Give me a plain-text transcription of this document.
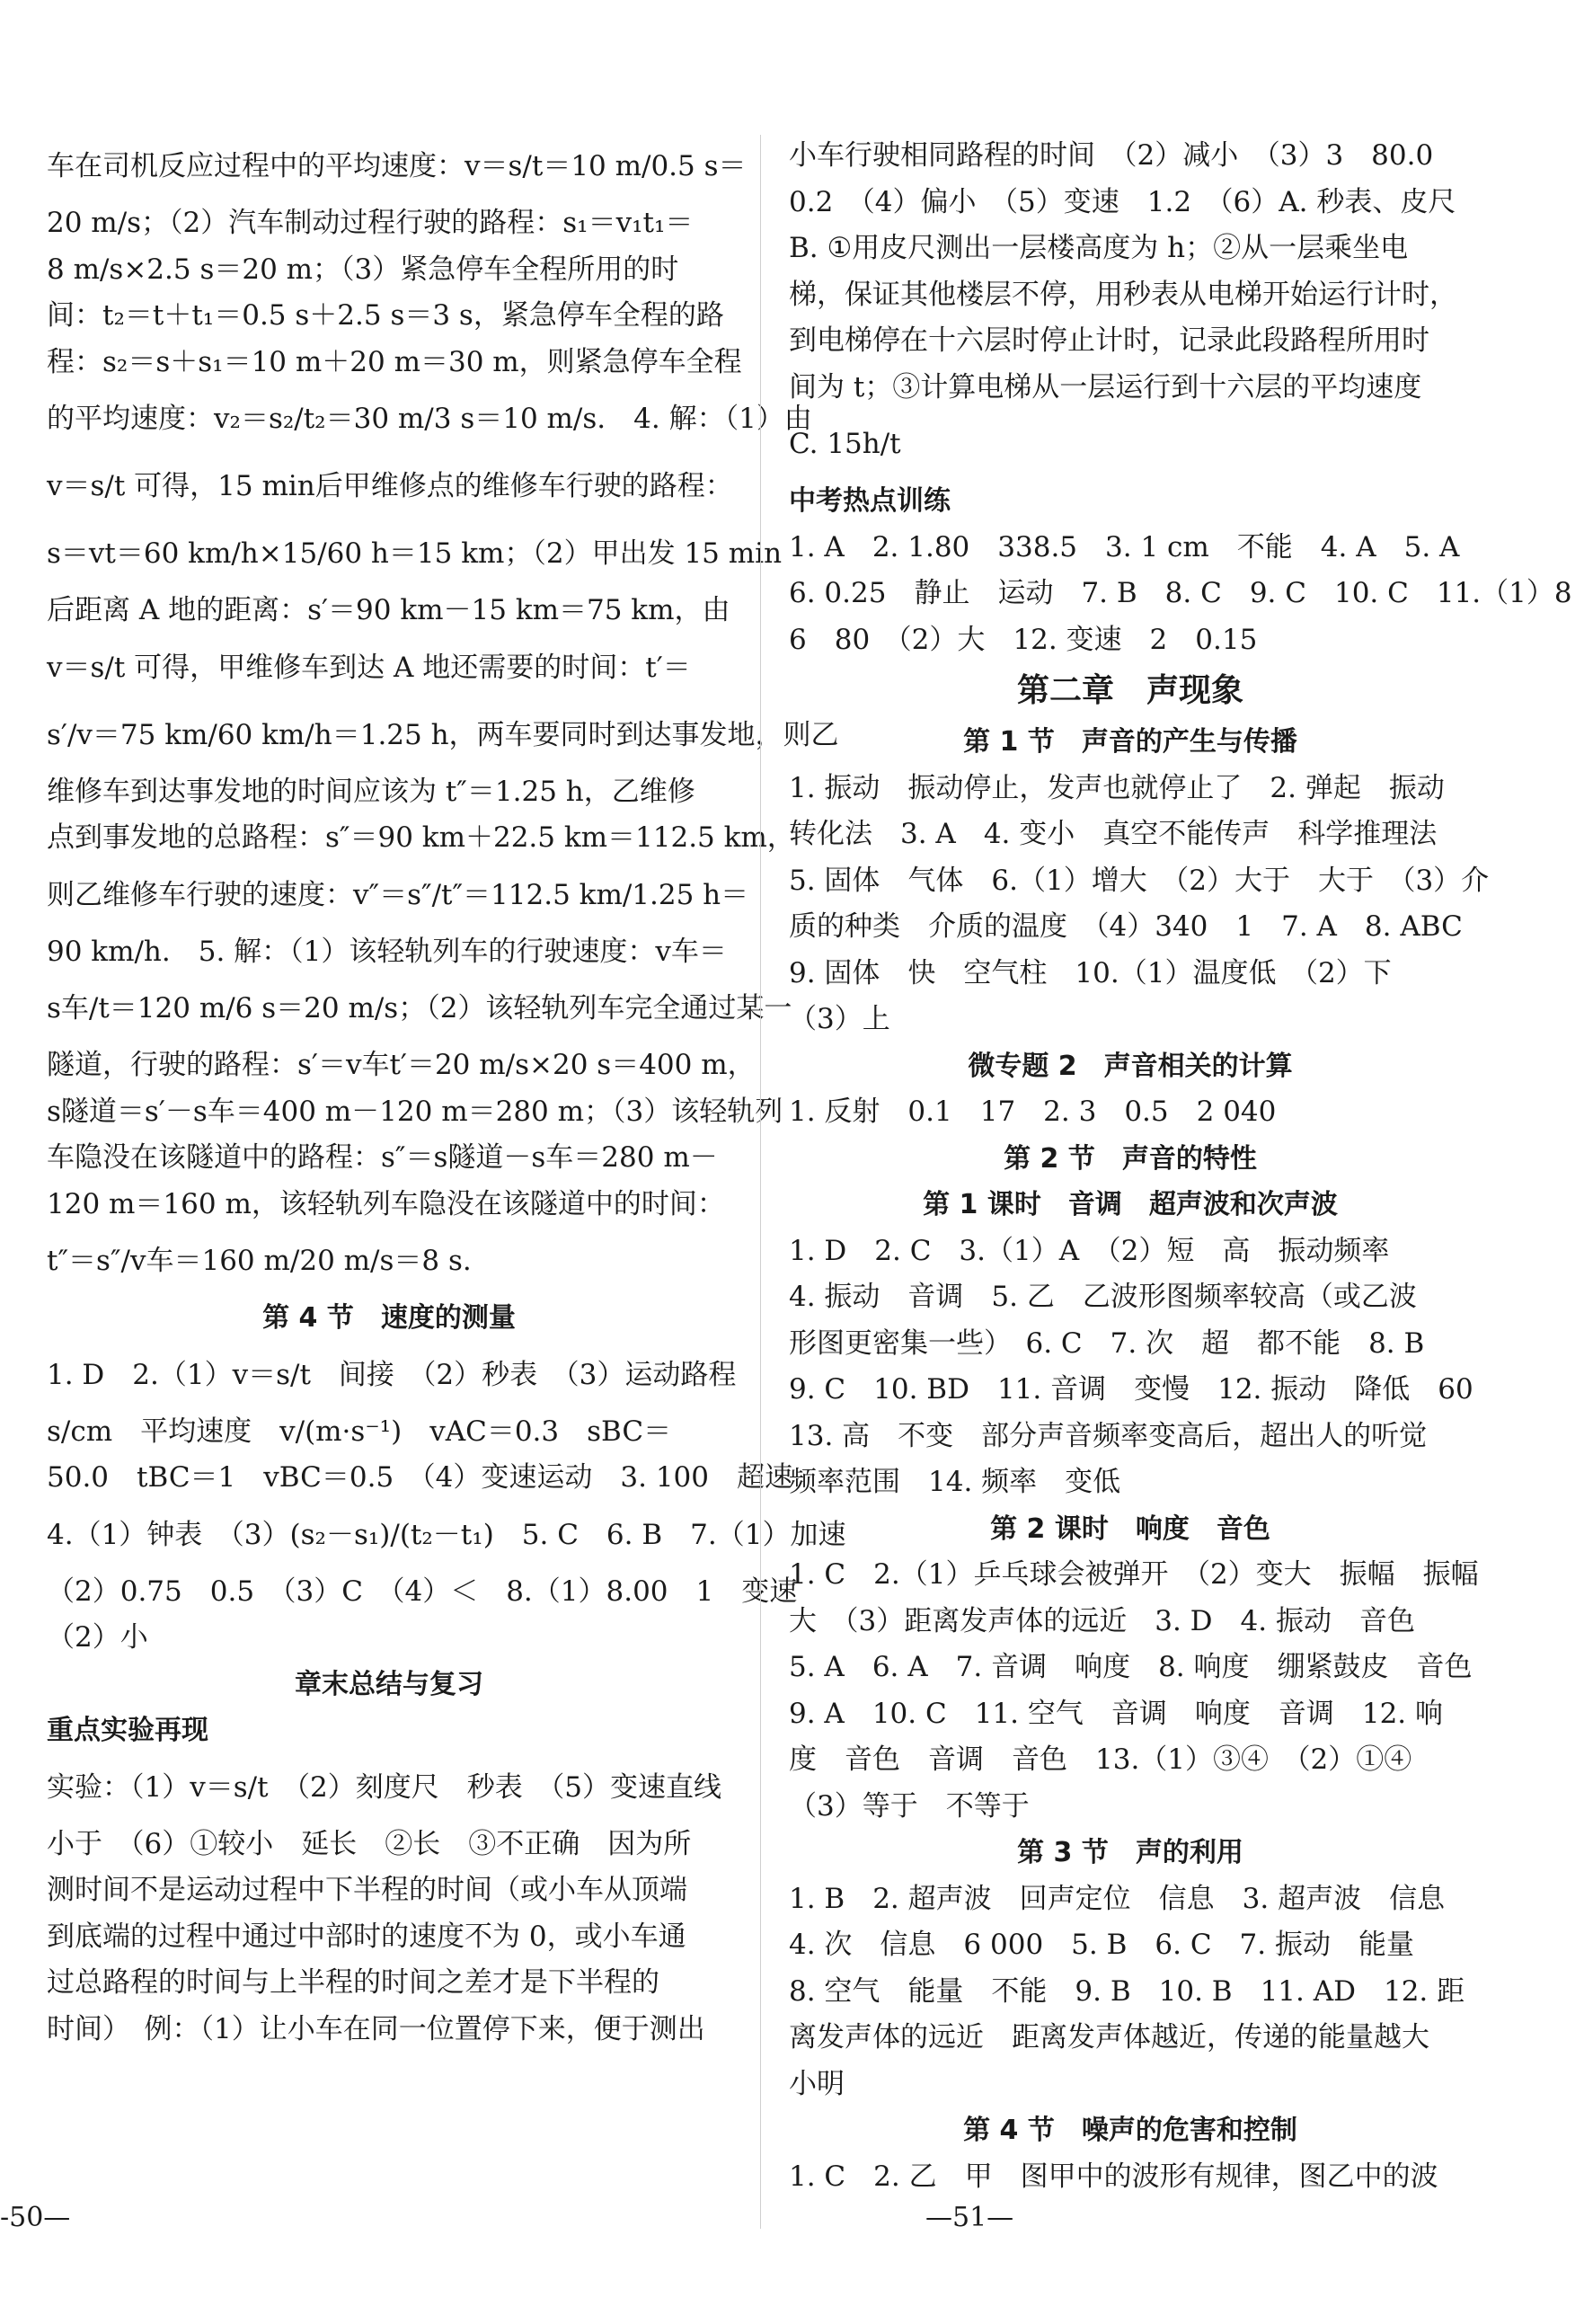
车在司机反应过程中的平均速度：v＝s/t＝10 m/0.5 s＝
20 m/s；（2）汽车制动过程行驶的路程：s₁＝v₁t₁＝
8 m/s×2.5 s＝20 m；（3）紧急停车全程所用的时
间：t₂＝t＋t₁＝0.5 s＋2.5 s＝3 s，紧急停车全程的路
程：s₂＝s＋s₁＝10 m＋20 m＝30 m，则紧急停车全程
的平均速度：v₂＝s₂/t₂＝30 m/3 s＝10 m/s.　4. 解：（1）由
v＝s/t 可得，15 min后甲维修点的维修车行驶的路程：
s＝vt＝60 km/h×15/60 h＝15 km；（2）甲出发 15 min
后距离 A 地的距离：s′＝90 km－15 km＝75 km，由
v＝s/t 可得，甲维修车到达 A 地还需要的时间：t′＝
s′/v＝75 km/60 km/h＝1.25 h，两车要同时到达事发地，则乙
维修车到达事发地的时间应该为 t″＝1.25 h，乙维修
点到事发地的总路程：s″＝90 km＋22.5 km＝112.5 km，
则乙维修车行驶的速度：v″＝s″/t″＝112.5 km/1.25 h＝
90 km/h.　5. 解：（1）该轻轨列车的行驶速度：v车＝
s车/t＝120 m/6 s＝20 m/s；（2）该轻轨列车完全通过某一
隧道，行驶的路程：s′＝v车t′＝20 m/s×20 s＝400 m，
s隧道＝s′－s车＝400 m－120 m＝280 m；（3）该轻轨列
车隐没在该隧道中的路程：s″＝s隧道－s车＝280 m－
120 m＝160 m，该轻轨列车隐没在该隧道中的时间：
t″＝s″/v车＝160 m/20 m/s＝8 s.
第 4 节　速度的测量
1. D　2.（1）v＝s/t　间接　（2）秒表　（3）运动路程
s/cm　平均速度　v/(m·s⁻¹)　vAC＝0.3　sBC＝
50.0　tBC＝1　vBC＝0.5　（4）变速运动　3. 100　超速
4.（1）钟表　（3）(s₂－s₁)/(t₂－t₁)　5. C　6. B　7.（1）加速
（2）0.75　0.5　（3）C　（4）＜　8.（1）8.00　1　变速
（2）小
章末总结与复习
重点实验再现
实验：（1）v＝s/t　（2）刻度尺　秒表　（5）变速直线
小于　（6）①较小　延长　②长　③不正确　因为所
测时间不是运动过程中下半程的时间（或小车从顶端
到底端的过程中通过中部时的速度不为 0，或小车通
过总路程的时间与上半程的时间之差才是下半程的
时间）　例：（1）让小车在同一位置停下来，便于测出
小车行驶相同路程的时间　（2）减小　（3）3　80.0
0.2　（4）偏小　（5）变速　1.2　（6）A. 秒表、皮尺
B. ①用皮尺测出一层楼高度为 h；②从一层乘坐电
梯，保证其他楼层不停，用秒表从电梯开始运行计时，
到电梯停在十六层时停止计时，记录此段路程所用时
间为 t；③计算电梯从一层运行到十六层的平均速度
C. 15h/t
中考热点训练
1. A　2. 1.80　338.5　3. 1 cm　不能　4. A　5. A
6. 0.25　静止　运动　7. B　8. C　9. C　10. C　11.（1）8
6　80　（2）大　12. 变速　2　0.15
第二章　声现象
第 1 节　声音的产生与传播
1. 振动　振动停止，发声也就停止了　2. 弹起　振动
转化法　3. A　4. 变小　真空不能传声　科学推理法
5. 固体　气体　6.（1）增大　（2）大于　大于　（3）介
质的种类　介质的温度　（4）340　1　7. A　8. ABC
9. 固体　快　空气柱　10.（1）温度低　（2）下
（3）上
微专题 2　声音相关的计算
1. 反射　0.1　17　2. 3　0.5　2 040
第 2 节　声音的特性
第 1 课时　音调　超声波和次声波
1. D　2. C　3.（1）A　（2）短　高　振动频率
4. 振动　音调　5. 乙　乙波形图频率较高（或乙波
形图更密集一些）　6. C　7. 次　超　都不能　8. B
9. C　10. BD　11. 音调　变慢　12. 振动　降低　60
13. 高　不变　部分声音频率变高后，超出人的听觉
频率范围　14. 频率　变低
第 2 课时　响度　音色
1. C　2.（1）乒乓球会被弹开　（2）变大　振幅　振幅
大　（3）距离发声体的远近　3. D　4. 振动　音色
5. A　6. A　7. 音调　响度　8. 响度　绷紧鼓皮　音色
9. A　10. C　11. 空气　音调　响度　音调　12. 响
度　音色　音调　音色　13.（1）③④　（2）①④
（3）等于　不等于
第 3 节　声的利用
1. B　2. 超声波　回声定位　信息　3. 超声波　信息
4. 次　信息　6 000　5. B　6. C　7. 振动　能量
8. 空气　能量　不能　9. B　10. B　11. AD　12. 距
离发声体的远近　距离发声体越近，传递的能量越大
小明
第 4 节　噪声的危害和控制
1. C　2. 乙　甲　图甲中的波形有规律，图乙中的波
-50—	—51—
